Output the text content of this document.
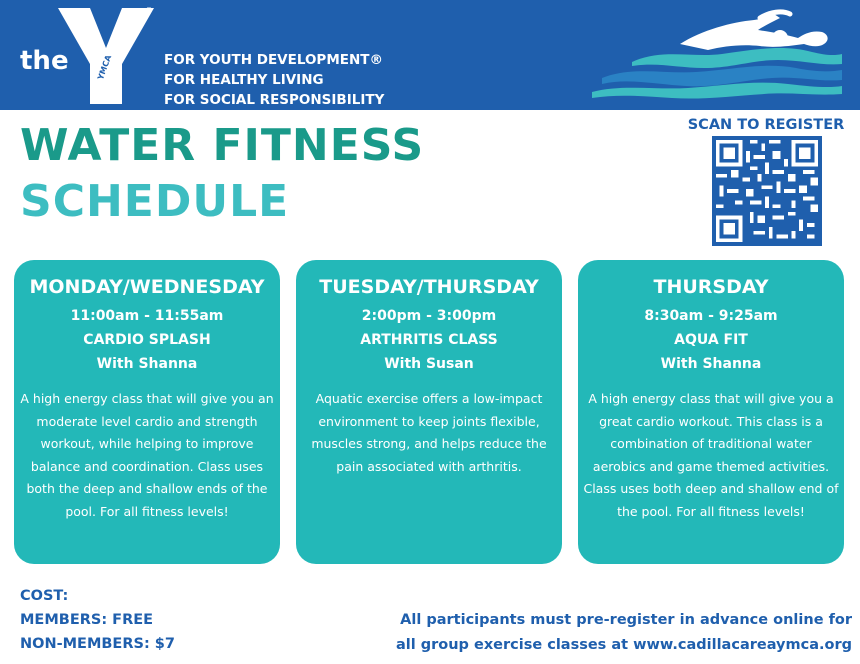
the
®
YMCA	FOR YOUTH DEVELOPMENT®
FOR HEALTHY LIVING
FOR SOCIAL RESPONSIBILITY
WATER FITNESS
SCHEDULE
SCAN TO REGISTER
MONDAY/WEDNESDAY
11:00am - 11:55am
CARDIO SPLASH
With Shanna
A high energy class that will give you an moderate level cardio and strength workout, while helping to improve balance and coordination. Class uses both the deep and shallow ends of the pool. For all fitness levels!
TUESDAY/THURSDAY
2:00pm - 3:00pm
ARTHRITIS CLASS
With Susan
Aquatic exercise offers a low-impact environment to keep joints flexible, muscles strong, and helps reduce the pain associated with arthritis.
THURSDAY
8:30am - 9:25am
AQUA FIT
With Shanna
A high energy class that will give you a great cardio workout. This class is a combination of traditional water aerobics and game themed activities. Class uses both deep and shallow end of the pool. For all fitness levels!
COST:
MEMBERS: FREE
NON-MEMBERS: $7
All participants must pre-register in advance online for
all group exercise classes at www.cadillacareaymca.org
